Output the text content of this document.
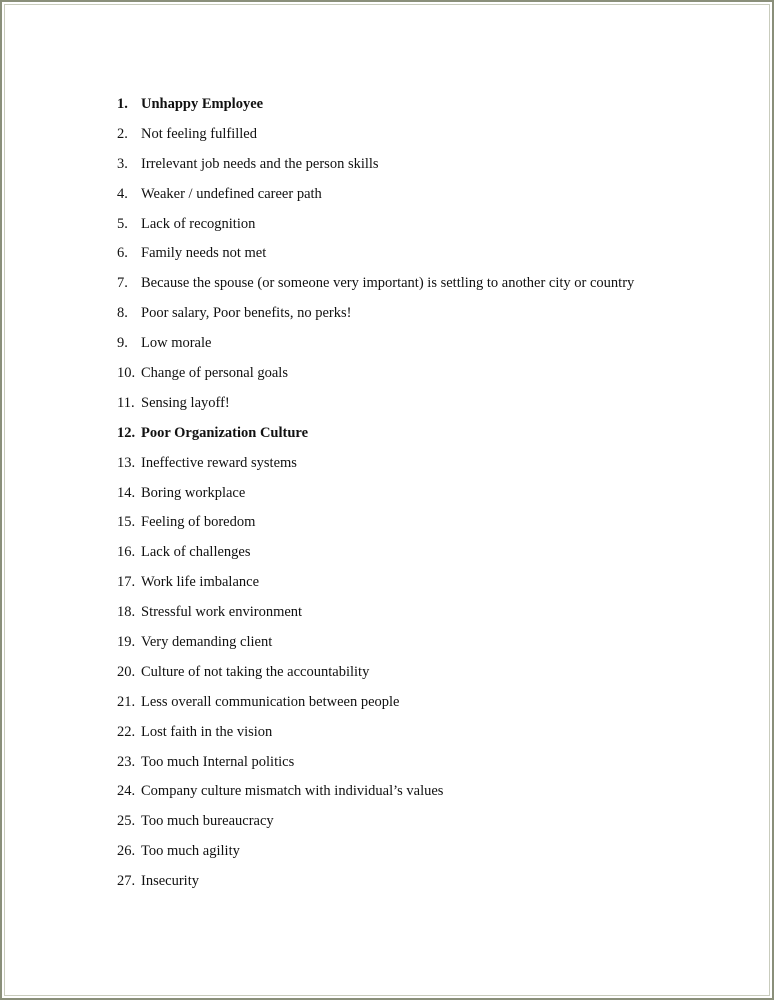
1. Unhappy Employee
2. Not feeling fulfilled
3. Irrelevant job needs and the person skills
4. Weaker / undefined career path
5. Lack of recognition
6. Family needs not met
7. Because the spouse (or someone very important) is settling to another city or country
8. Poor salary, Poor benefits, no perks!
9. Low morale
10. Change of personal goals
11. Sensing layoff!
12. Poor Organization Culture
13. Ineffective reward systems
14. Boring workplace
15. Feeling of boredom
16. Lack of challenges
17. Work life imbalance
18. Stressful work environment
19. Very demanding client
20. Culture of not taking the accountability
21. Less overall communication between people
22. Lost faith in the vision
23. Too much Internal politics
24. Company culture mismatch with individual’s values
25. Too much bureaucracy
26. Too much agility
27. Insecurity
